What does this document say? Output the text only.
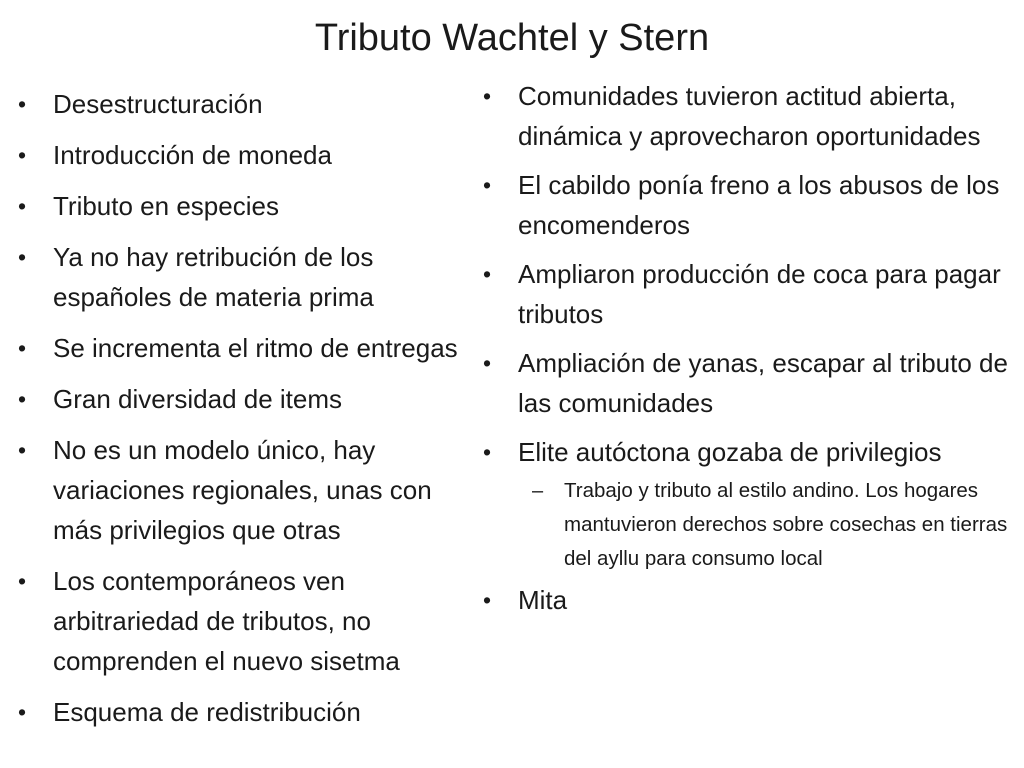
Tributo Wachtel y Stern
•	Desestructuración
•	Introducción de moneda
•	Tributo en especies
•	Ya no hay retribución de los españoles de materia prima
•	Se incrementa el ritmo de entregas
•	Gran diversidad de items
•	No es un modelo único, hay variaciones regionales, unas con más privilegios que otras
•	Los contemporáneos ven arbitrariedad de tributos, no comprenden el nuevo sisetma
•	Esquema de redistribución
•	Comunidades tuvieron actitud abierta, dinámica y aprovecharon oportunidades
•	El cabildo ponía freno a los abusos de los encomenderos
•	Ampliaron producción de coca para pagar tributos
•	Ampliación de yanas, escapar al tributo de las comunidades
•	Elite autóctona gozaba de privilegios
– Trabajo y tributo al estilo andino. Los hogares mantuvieron derechos sobre cosechas en tierras del ayllu para consumo local
•	Mita
